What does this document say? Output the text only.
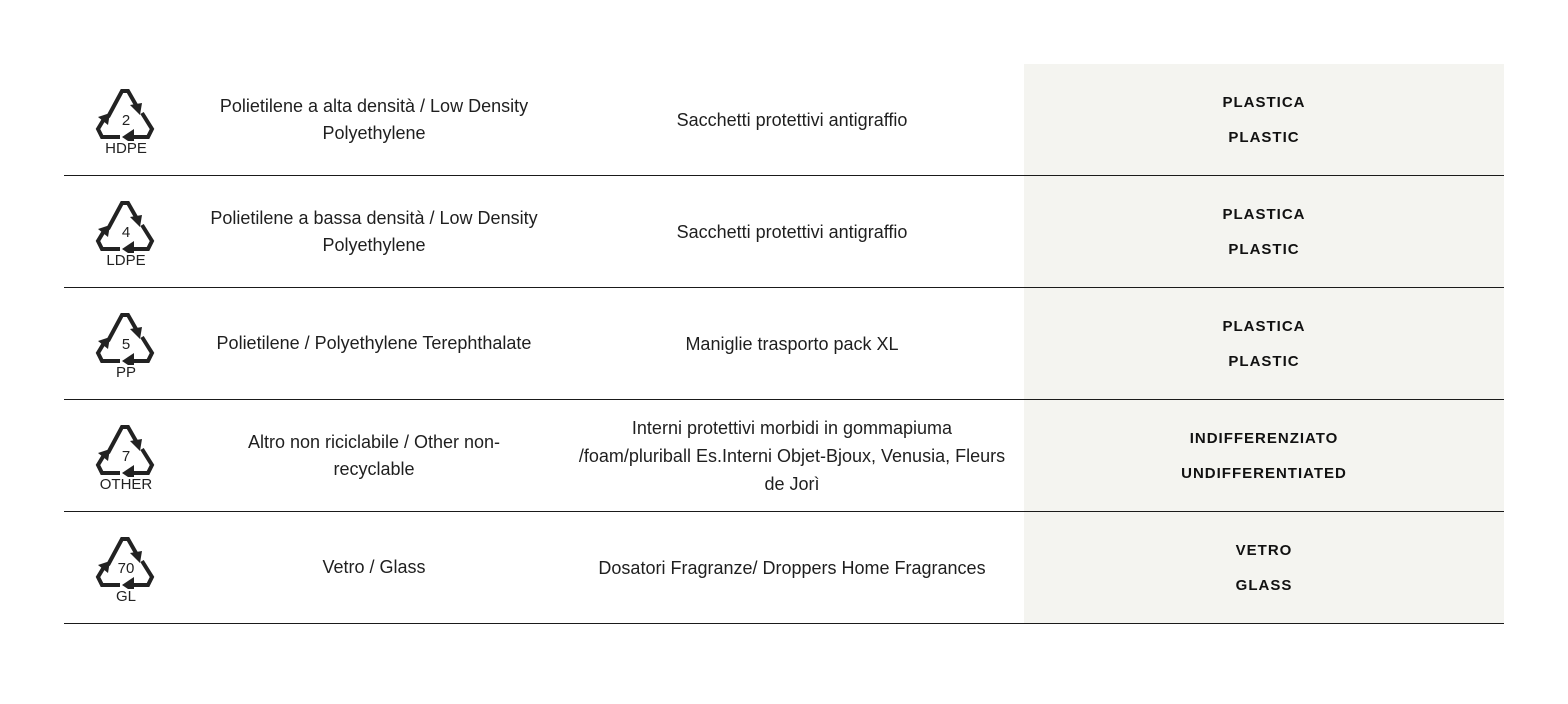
2
HDPE
Polietilene a alta densità / Low Density Polyethylene
Sacchetti protettivi antigraffio
PLASTICA
PLASTIC
4
LDPE
Polietilene a bassa densità / Low Density Polyethylene
Sacchetti protettivi antigraffio
PLASTICA
PLASTIC
5
PP
Polietilene / Polyethylene Terephthalate	Maniglie trasporto pack XL
PLASTICA
PLASTIC
7
OTHER
Altro non riciclabile / Other non-recyclable
Interni protettivi morbidi in gommapiuma /foam/pluriball Es.Interni Objet-Bjoux, Venusia, Fleurs de Jorì
INDIFFERENZIATO
UNDIFFERENTIATED
70
GL
Vetro / Glass	Dosatori Fragranze/ Droppers Home Fragrances
VETRO
GLASS
